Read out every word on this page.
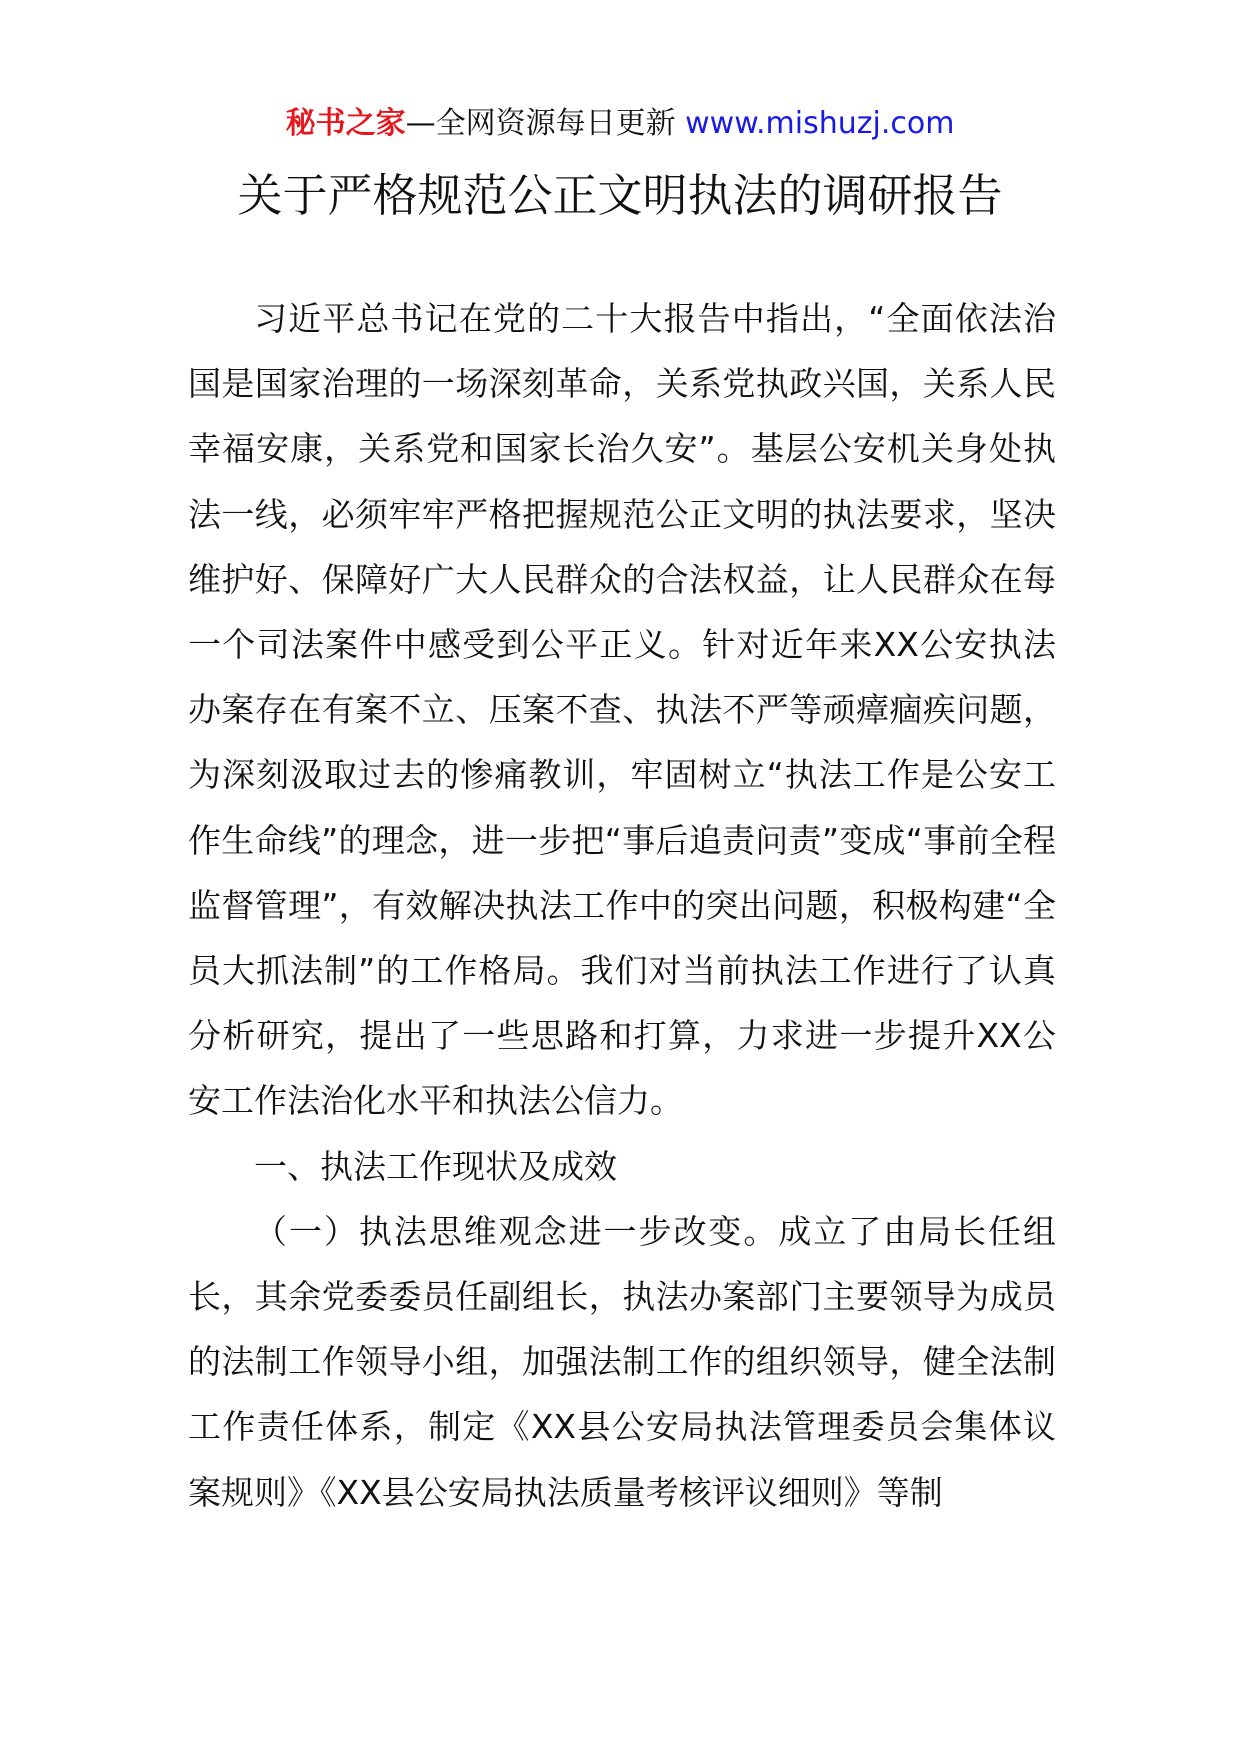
秘书之家—全网资源每日更新 www.mishuzj.com
关于严格规范公正文明执法的调研报告

习近平总书记在党的二十大报告中指出，“全面依法治国是国家治理的一场深刻革命，关系党执政兴国，关系人民幸福安康，关系党和国家长治久安”。基层公安机关身处执法一线，必须牢牢严格把握规范公正文明的执法要求，坚决维护好、保障好广大人民群众的合法权益，让人民群众在每一个司法案件中感受到公平正义。针对近年来XX公安执法办案存在有案不立、压案不查、执法不严等顽瘴痼疾问题，为深刻汲取过去的惨痛教训，牢固树立“执法工作是公安工作生命线”的理念，进一步把“事后追责问责”变成“事前全程监督管理”，有效解决执法工作中的突出问题，积极构建“全员大抓法制”的工作格局。我们对当前执法工作进行了认真分析研究，提出了一些思路和打算，力求进一步提升XX公安工作法治化水平和执法公信力。

一、执法工作现状及成效

（一）执法思维观念进一步改变。成立了由局长任组长，其余党委委员任副组长，执法办案部门主要领导为成员的法制工作领导小组，加强法制工作的组织领导，健全法制工作责任体系，制定《XX县公安局执法管理委员会集体议案规则》《XX县公安局执法质量考核评议细则》等制
